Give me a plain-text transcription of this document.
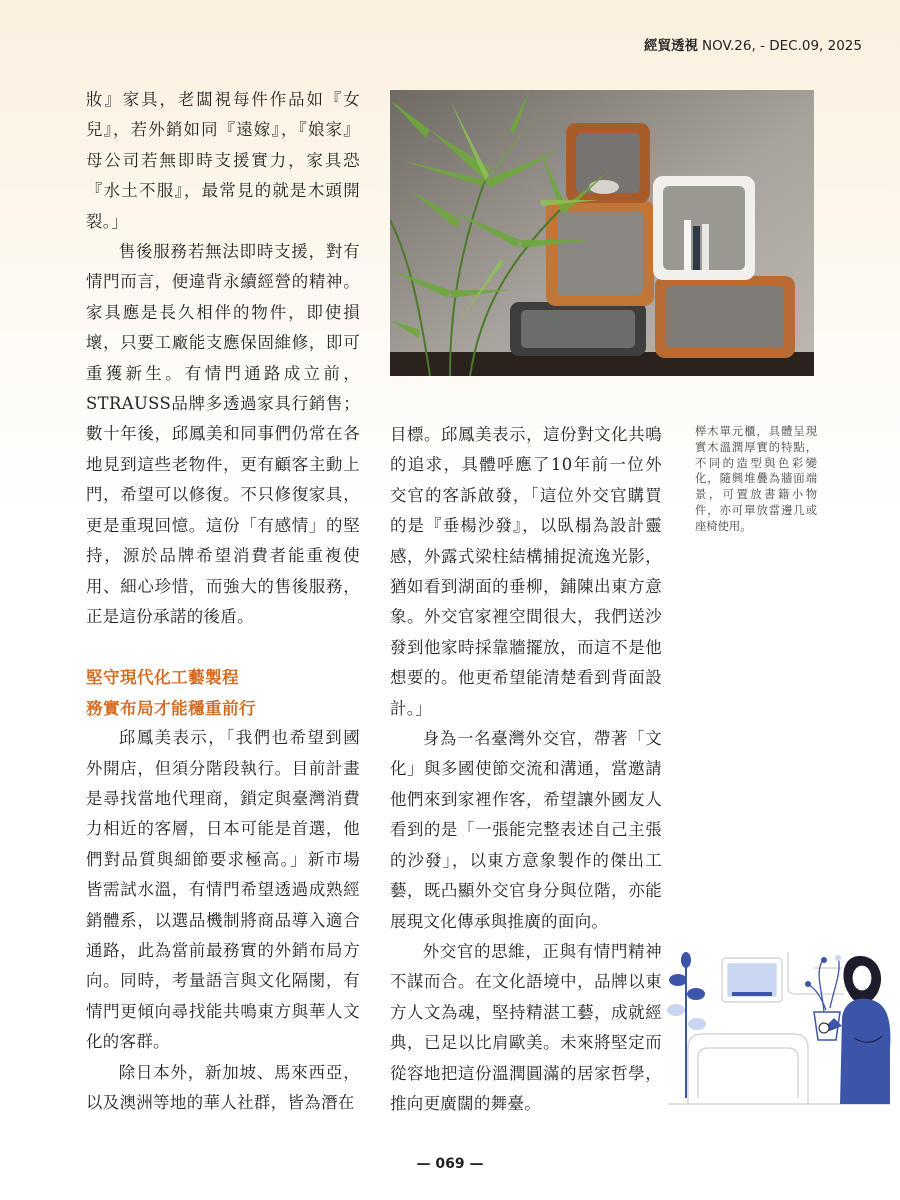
經貿透視 NOV.26, - DEC.09, 2025

妝』家具，老闆視每件作品如『女兒』，若外銷如同『遠嫁』，『娘家』母公司若無即時支援實力，家具恐『水土不服』，最常見的就是木頭開裂。」

售後服務若無法即時支援，對有情門而言，便違背永續經營的精神。家具應是長久相伴的物件，即使損壞，只要工廠能支應保固維修，即可重獲新生。有情門通路成立前，STRAUSS品牌多透過家具行銷售；數十年後，邱鳳美和同事們仍常在各地見到這些老物件，更有顧客主動上門，希望可以修復。不只修復家具，更是重現回憶。這份「有感情」的堅持，源於品牌希望消費者能重複使用、細心珍惜，而強大的售後服務，正是這份承諾的後盾。

堅守現代化工藝製程
務實布局才能穩重前行

邱鳳美表示，「我們也希望到國外開店，但須分階段執行。目前計畫是尋找當地代理商，鎖定與臺灣消費力相近的客層，日本可能是首選，他們對品質與細節要求極高。」新市場皆需試水溫，有情門希望透過成熟經銷體系，以選品機制將商品導入適合通路，此為當前最務實的外銷布局方向。同時，考量語言與文化隔閡，有情門更傾向尋找能共鳴東方與華人文化的客群。

除日本外，新加坡、馬來西亞，以及澳洲等地的華人社群，皆為潛在

榉木單元櫃，具體呈現實木溫潤厚實的特點，不同的造型與色彩變化，隨興堆疊為牆面端景，可置放書籍小物件，亦可單放當邊几或座椅使用。

目標。邱鳳美表示，這份對文化共鳴的追求，具體呼應了10年前一位外交官的客訴啟發，「這位外交官購買的是『垂楊沙發』，以臥榻為設計靈感，外露式梁柱結構捕捉流逸光影，猶如看到湖面的垂柳，鋪陳出東方意象。外交官家裡空間很大，我們送沙發到他家時採靠牆擺放，而這不是他想要的。他更希望能清楚看到背面設計。」

身為一名臺灣外交官，帶著「文化」與多國使節交流和溝通，當邀請他們來到家裡作客，希望讓外國友人看到的是「一張能完整表述自己主張的沙發」，以東方意象製作的傑出工藝，既凸顯外交官身分與位階，亦能展現文化傳承與推廣的面向。

外交官的思維，正與有情門精神不謀而合。在文化語境中，品牌以東方人文為魂，堅持精湛工藝，成就經典，已足以比肩歐美。未來將堅定而從容地把這份溫潤圓滿的居家哲學，推向更廣闊的舞臺。

— 069 —
